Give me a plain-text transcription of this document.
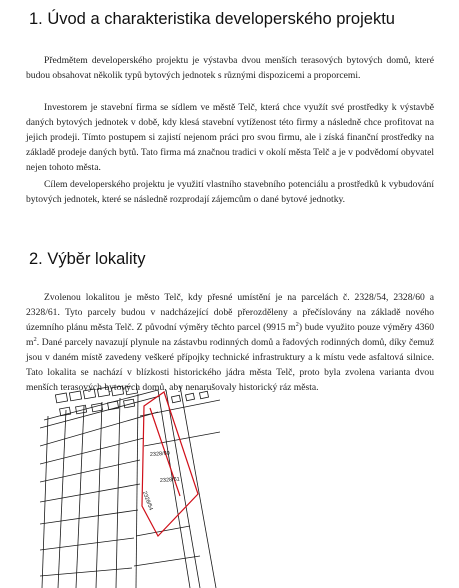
1. Úvod a charakteristika developerského projektu

Předmětem developerského projektu je výstavba dvou menších terasových bytových domů, které budou obsahovat několik typů bytových jednotek s různými dispozicemi a proporcemi.

Investorem je stavební firma se sídlem ve městě Telč, která chce využít své prostředky k výstavbě daných bytových jednotek v době, kdy klesá stavební vytíženost této firmy a následně chce profitovat na jejich prodeji. Tímto postupem si zajistí nejenom práci pro svou firmu, ale i získá finanční prostředky na základě prodeje daných bytů. Tato firma má značnou tradici v okolí města Telč a je v podvědomí obyvatel nejen tohoto města.

Cílem developerského projektu je využití vlastního stavebního potenciálu a prostředků k vybudování bytových jednotek, které se následně rozprodají zájemcům o dané bytové jednotky.

2. Výběr lokality

Zvolenou lokalitou je město Telč, kdy přesné umístění je na parcelách č. 2328/54, 2328/60 a 2328/61. Tyto parcely budou v nadcházející době přerozděleny a přečíslovány na základě nového územního plánu města Telč. Z původní výměry těchto parcel (9915 $m^2$) bude využito pouze výměry 4360 $m^2$. Dané parcely navazují plynule na zástavbu rodinných domů a řadových rodinných domů, díky čemuž jsou v daném místě zavedeny veškeré přípojky technické infrastruktury a k místu vede asfaltová silnice. Tato lokalita se nachází v blízkosti historického jádra města Telč, proto byla zvolena varianta dvou menších terasových bytových domů, aby nenarušovaly historický ráz města.

2328/60
2328/61
2328/54
